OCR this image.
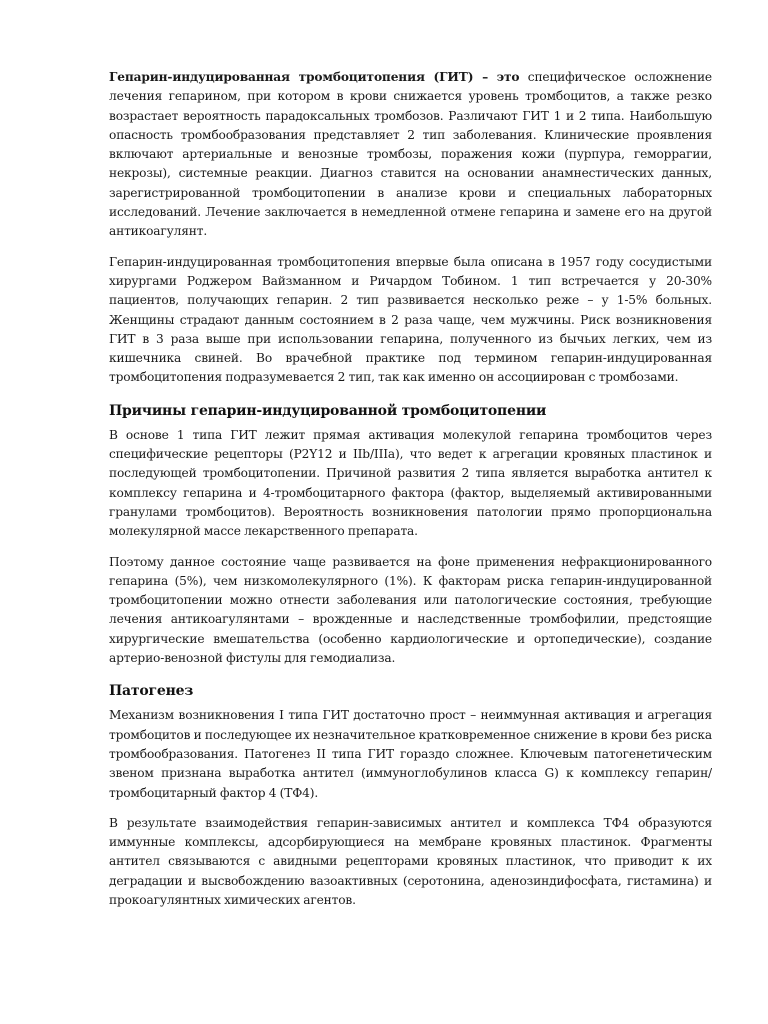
Гепарин-индуцированная тромбоцитопения (ГИТ) – это специфическое осложнение лечения гепарином, при котором в крови снижается уровень тромбоцитов, а также резко возрастает вероятность парадоксальных тромбозов. Различают ГИТ 1 и 2 типа. Наибольшую опасность тромбообразования представляет 2 тип заболевания. Клинические проявления включают артериальные и венозные тромбозы, поражения кожи (пурпура, геморрагии, некрозы), системные реакции. Диагноз ставится на основании анамнестических данных, зарегистрированной тромбоцитопении в анализе крови и специальных лабораторных исследований. Лечение заключается в немедленной отмене гепарина и замене его на другой антикоагулянт.

Гепарин-индуцированная тромбоцитопения впервые была описана в 1957 году сосудистыми хирургами Роджером Вайзманном и Ричардом Тобином. 1 тип встречается у 20-30% пациентов, получающих гепарин. 2 тип развивается несколько реже – у 1-5% больных. Женщины страдают данным состоянием в 2 раза чаще, чем мужчины. Риск возникновения ГИТ в 3 раза выше при использовании гепарина, полученного из бычьих легких, чем из кишечника свиней. Во врачебной практике под термином гепарин-индуцированная тромбоцитопения подразумевается 2 тип, так как именно он ассоциирован с тромбозами.

Причины гепарин-индуцированной тромбоцитопении

В основе 1 типа ГИТ лежит прямая активация молекулой гепарина тромбоцитов через специфические рецепторы (P2Y12 и IIb/IIIa), что ведет к агрегации кровяных пластинок и последующей тромбоцитопении. Причиной развития 2 типа является выработка антител к комплексу гепарина и 4-тромбоцитарного фактора (фактор, выделяемый активированными гранулами тромбоцитов). Вероятность возникновения патологии прямо пропорциональна молекулярной массе лекарственного препарата.

Поэтому данное состояние чаще развивается на фоне применения нефракционированного гепарина (5%), чем низкомолекулярного (1%). К факторам риска гепарин-индуцированной тромбоцитопении можно отнести заболевания или патологические состояния, требующие лечения антикоагулянтами – врожденные и наследственные тромбофилии, предстоящие хирургические вмешательства (особенно кардиологические и ортопедические), создание артерио-венозной фистулы для гемодиализа.

Патогенез

Механизм возникновения I типа ГИТ достаточно прост – неиммунная активация и агрегация тромбоцитов и последующее их незначительное кратковременное снижение в крови без риска тромбообразования. Патогенез II типа ГИТ гораздо сложнее. Ключевым патогенетическим звеном признана выработка антител (иммуноглобулинов класса G) к комплексу гепарин/тромбоцитарный фактор 4 (ТФ4).

В результате взаимодействия гепарин-зависимых антител и комплекса ТФ4 образуются иммунные комплексы, адсорбирующиеся на мембране кровяных пластинок. Фрагменты антител связываются с авидными рецепторами кровяных пластинок, что приводит к их деградации и высвобождению вазоактивных (серотонина, аденозиндифосфата, гистамина) и прокоагулянтных химических агентов.
